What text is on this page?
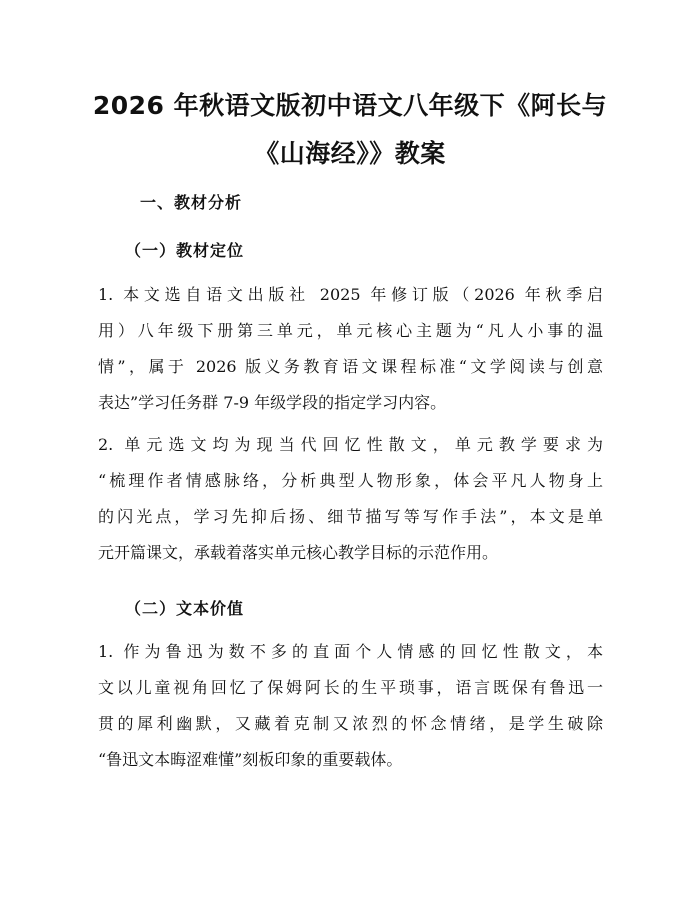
2026 年秋语文版初中语文八年级下《阿长与
《山海经》》教案
一、教材分析
（一）教材定位

1. 本文选自语文出版社 2025 年修订版（2026 年秋季启
用）八年级下册第三单元，单元核心主题为“凡人小事的温
情”，属于 2026 版义务教育语文课程标准“文学阅读与创意
表达”学习任务群 7-9 年级学段的指定学习内容。

2. 单元选文均为现当代回忆性散文，单元教学要求为
“梳理作者情感脉络，分析典型人物形象，体会平凡人物身上
的闪光点，学习先抑后扬、细节描写等写作手法”，本文是单
元开篇课文，承载着落实单元核心教学目标的示范作用。

（二）文本价值

1. 作为鲁迅为数不多的直面个人情感的回忆性散文，本
文以儿童视角回忆了保姆阿长的生平琐事，语言既保有鲁迅一
贯的犀利幽默，又藏着克制又浓烈的怀念情绪，是学生破除
“鲁迅文本晦涩难懂”刻板印象的重要载体。
